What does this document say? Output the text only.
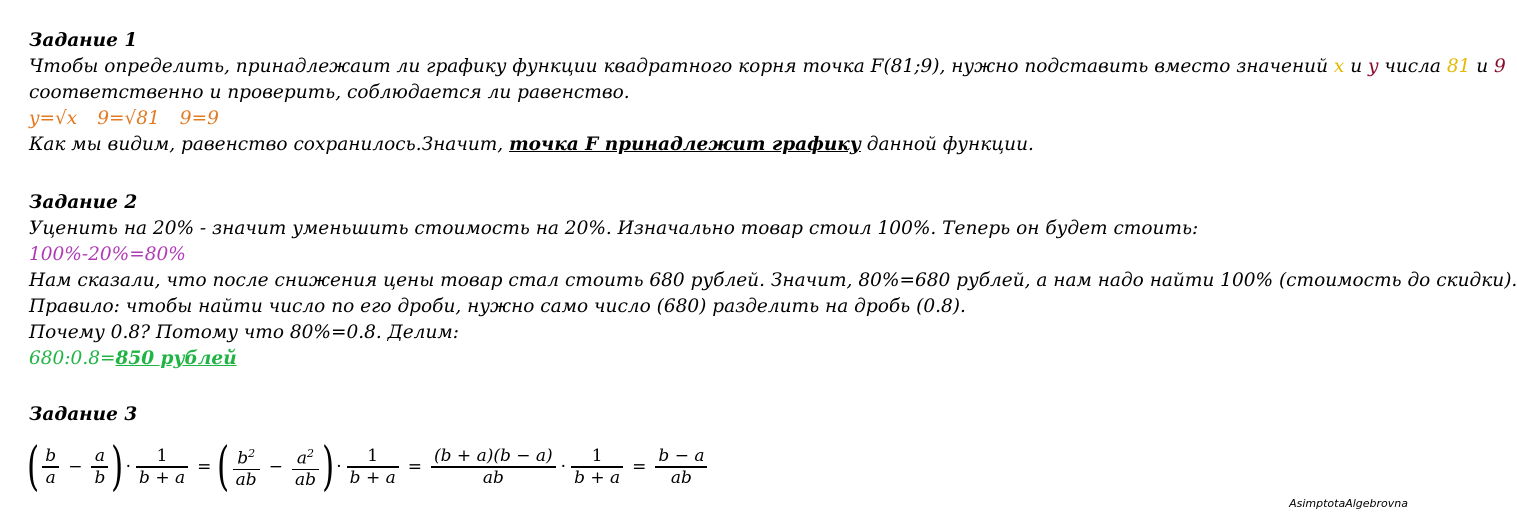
Задание 1
Чтобы определить, принадлежаит ли графику функции квадратного корня точка F(81;9), нужно подставить вместо значений x и y числа 81 и 9
соответственно и проверить, соблюдается ли равенство.
y=√x 9=√81 9=9
Как мы видим, равенство сохранилось.Значит, точка F принадлежит графику данной функции.
Задание 2
Уценить на 20% - значит уменьшить стоимость на 20%. Изначально товар стоил 100%. Теперь он будет стоить:
100%-20%=80%
Нам сказали, что после снижения цены товар стал стоить 680 рублей. Значит, 80%=680 рублей, а нам надо найти 100% (стоимость до скидки).
Правило: чтобы найти число по его дроби, нужно само число (680) разделить на дробь (0.8).
Почему 0.8? Потому что 80%=0.8. Делим:
680:0.8=850 рублей
Задание 3
( $\frac{b}{a} - \frac{a}{b}$ ) · $\frac{1}{b + a}$ = ( $\frac{b^2}{ab} - \frac{a^2}{ab}$ ) · $\frac{1}{b + a} = \frac{(b + a)(b - a)}{ab} \cdot \frac{1}{b + a} = \frac{b - a}{ab}$
AsimptotaAlgebrovna
